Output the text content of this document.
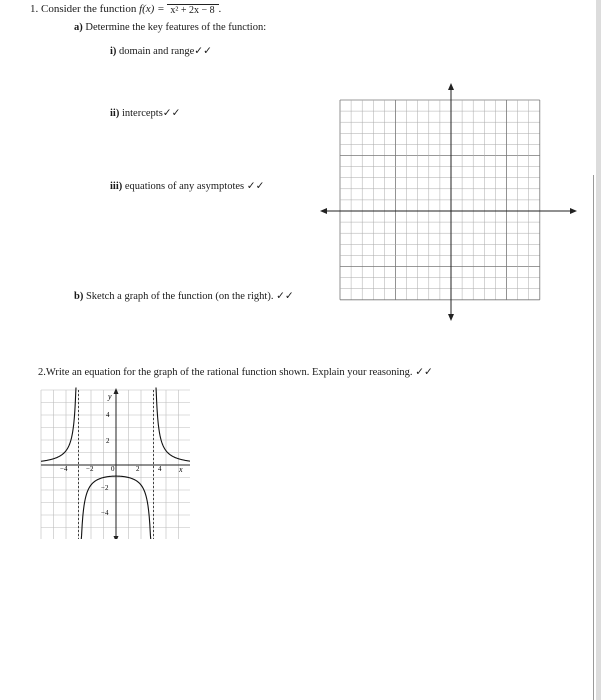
1. Consider the function f(x) = x² + 2x − 8 .
a) Determine the key features of the function:
i) domain and range✓✓
ii) intercepts✓✓
iii) equations of any asymptotes ✓✓
b) Sketch a graph of the function (on the right). ✓✓
2.Write an equation for the graph of the rational function shown. Explain your reasoning. ✓✓
y
x
−4	−2	0	2	4
4
2
−2
−4
